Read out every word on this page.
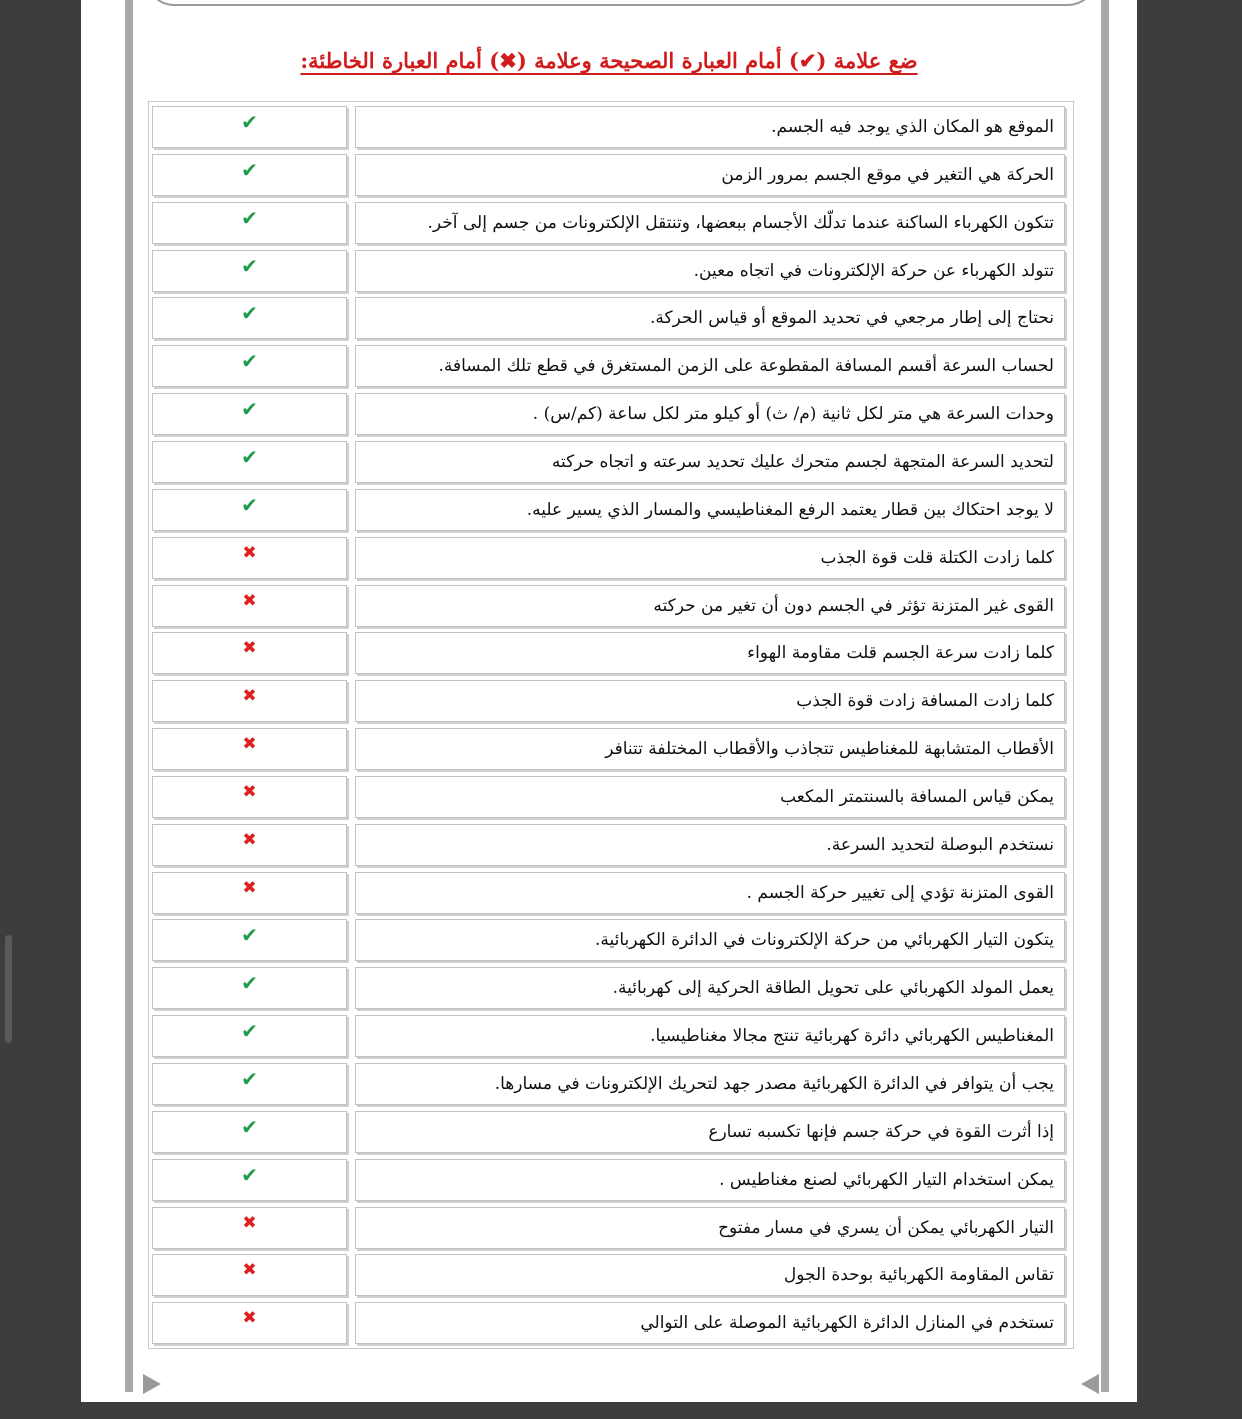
ضع علامة (✔) أمام العبارة الصحيحة وعلامة (✖) أمام العبارة الخاطئة:
✔	الموقع هو المكان الذي يوجد فيه الجسم.
✔	الحركة هي التغير في موقع الجسم بمرور الزمن
✔	تتكون الكهرباء الساكنة عندما تدلّك الأجسام ببعضها، وتنتقل الإلكترونات من جسم إلى آخر.
✔	تتولد الكهرباء عن حركة الإلكترونات في اتجاه معين.
✔	نحتاج إلى إطار مرجعي في تحديد الموقع أو قياس الحركة.
✔	لحساب السرعة أقسم المسافة المقطوعة على الزمن المستغرق في قطع تلك المسافة.
✔	وحدات السرعة هي متر لكل ثانية (م/ ث) أو كيلو متر لكل ساعة (كم/س) .
✔	لتحديد السرعة المتجهة لجسم متحرك عليك تحديد سرعته و اتجاه حركته
✔	لا يوجد احتكاك بين قطار يعتمد الرفع المغناطيسي والمسار الذي يسير عليه.
✖	كلما زادت الكتلة قلت قوة الجذب
✖	القوى غير المتزنة تؤثر في الجسم دون أن تغير من حركته
✖	كلما زادت سرعة الجسم قلت مقاومة الهواء
✖	كلما زادت المسافة زادت قوة الجذب
✖	الأقطاب المتشابهة للمغناطيس تتجاذب والأقطاب المختلفة تتنافر
✖	يمكن قياس المسافة بالسنتمتر المكعب
✖	نستخدم البوصلة لتحديد السرعة.
✖	القوى المتزنة تؤدي إلى تغيير حركة الجسم .
✔	يتكون التيار الكهربائي من حركة الإلكترونات في الدائرة الكهربائية.
✔	يعمل المولد الكهربائي على تحويل الطاقة الحركية إلى كهربائية.
✔	المغناطيس الكهربائي دائرة كهربائية تنتج مجالا مغناطيسيا.
✔	يجب أن يتوافر في الدائرة الكهربائية مصدر جهد لتحريك الإلكترونات في مسارها.
✔	إذا أثرت القوة في حركة جسم فإنها تكسبه تسارع
✔	يمكن استخدام التيار الكهربائي لصنع مغناطيس .
✖	التيار الكهربائي يمكن أن يسري في مسار مفتوح
✖	تقاس المقاومة الكهربائية بوحدة الجول
✖	تستخدم في المنازل الدائرة الكهربائية الموصلة على التوالي
